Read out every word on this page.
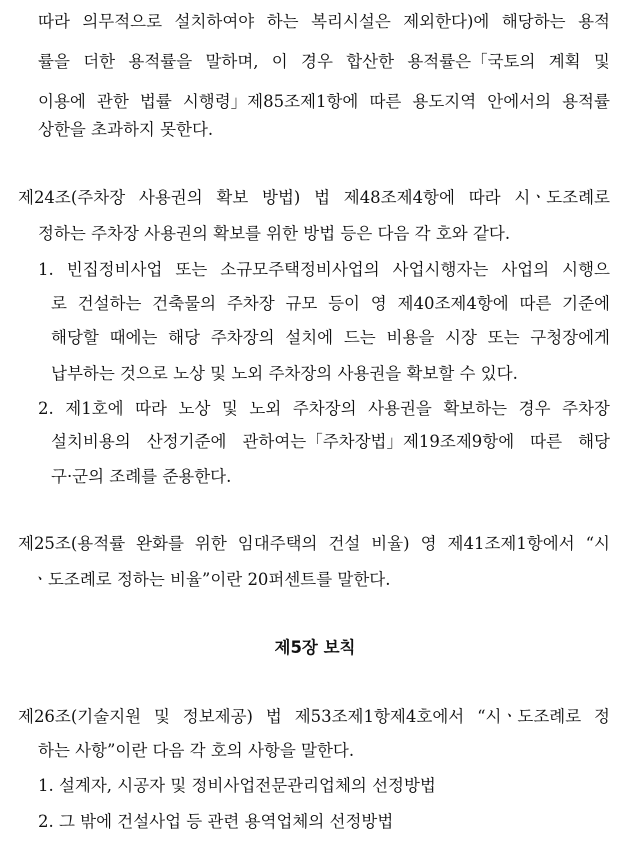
따라 의무적으로 설치하여야 하는 복리시설은 제외한다)에 해당하는 용적
률을 더한 용적률을 말하며, 이 경우 합산한 용적률은「국토의 계획 및
이용에 관한 법률 시행령」제85조제1항에 따른 용도지역 안에서의 용적률
상한을 초과하지 못한다.
제24조(주차장 사용권의 확보 방법) 법 제48조제4항에 따라 시ㆍ도조례로
정하는 주차장 사용권의 확보를 위한 방법 등은 다음 각 호와 같다.
1. 빈집정비사업 또는 소규모주택정비사업의 사업시행자는 사업의 시행으
로 건설하는 건축물의 주차장 규모 등이 영 제40조제4항에 따른 기준에
해당할 때에는 해당 주차장의 설치에 드는 비용을 시장 또는 구청장에게
납부하는 것으로 노상 및 노외 주차장의 사용권을 확보할 수 있다.
2. 제1호에 따라 노상 및 노외 주차장의 사용권을 확보하는 경우 주차장
설치비용의 산정기준에 관하여는「주차장법」제19조제9항에 따른 해당
구·군의 조례를 준용한다.
제25조(용적률 완화를 위한 임대주택의 건설 비율) 영 제41조제1항에서 “시
ㆍ도조례로 정하는 비율”이란 20퍼센트를 말한다.
제5장 보칙
제26조(기술지원 및 정보제공) 법 제53조제1항제4호에서 “시ㆍ도조례로 정
하는 사항”이란 다음 각 호의 사항을 말한다.
1. 설계자, 시공자 및 정비사업전문관리업체의 선정방법
2. 그 밖에 건설사업 등 관련 용역업체의 선정방법
